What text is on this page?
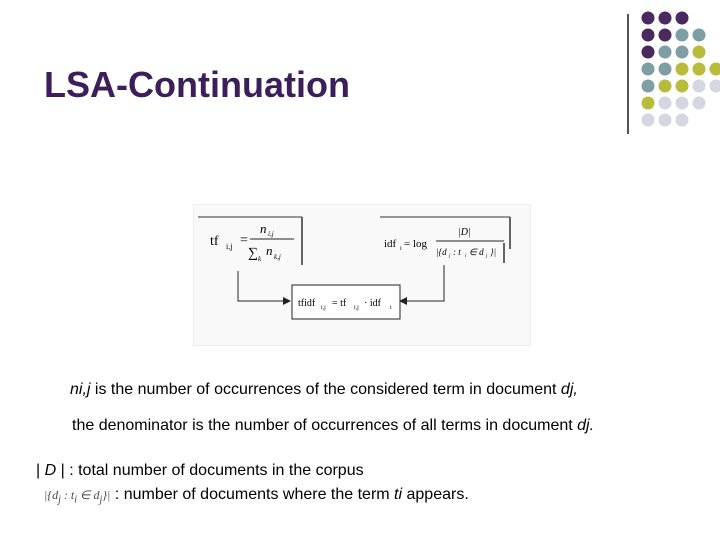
LSA-Continuation
tf i,j =
n i,j
∑ k
n k,j
idf i = log
|D|
|{d j : t i ∈ d j }|
tfidf i,j = tf i,j · idf i
ni,j is the number of occurrences of the considered term in document dj,
the denominator is the number of occurrences of all terms in document dj.
| D | : total number of documents in the corpus
$|\{d_j$ : $t_i$ ∈ $d_j\}|$ : number of documents where the term ti appears.
